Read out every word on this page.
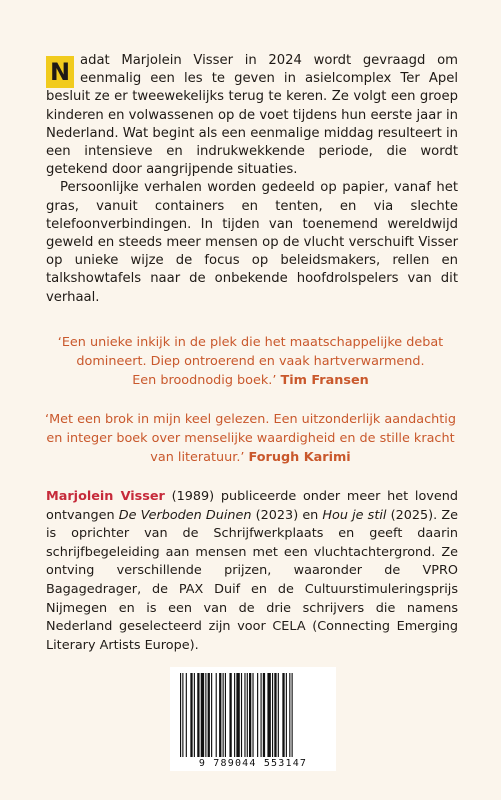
N adat Marjolein Visser in 2024 wordt gevraagd om eenmalig een les te geven in asielcomplex Ter Apel besluit ze er tweewekelijks terug te keren. Ze volgt een groep kinderen en volwassenen op de voet tijdens hun eerste jaar in Nederland. Wat begint als een eenmalige middag resulteert in een intensieve en indrukwekkende periode, die wordt getekend door aangrijpende situaties.

Persoonlijke verhalen worden gedeeld op papier, vanaf het gras, vanuit containers en tenten, en via slechte telefoonverbindingen. In tijden van toenemend wereldwijd geweld en steeds meer mensen op de vlucht verschuift Visser op unieke wijze de focus op beleidsmakers, rellen en talkshowtafels naar de onbekende hoofdrolspelers van dit verhaal.

‘Een unieke inkijk in de plek die het maatschappelijke debat
domineert. Diep ontroerend en vaak hartverwarmend.
Een broodnodig boek.’ Tim Fransen
‘Met een brok in mijn keel gelezen. Een uitzonderlijk aandachtig
en integer boek over menselijke waardigheid en de stille kracht
van literatuur.’ Forugh Karimi

Marjolein Visser (1989) publiceerde onder meer het lovend ontvangen De Verboden Duinen (2023) en Hou je stil (2025). Ze is oprichter van de Schrijfwerkplaats en geeft daarin schrijfbegeleiding aan mensen met een vluchtachtergrond. Ze ontving verschillende prijzen, waaronder de VPRO Bagagedrager, de PAX Duif en de Cultuurstimuleringsprijs Nijmegen en is een van de drie schrijvers die namens Nederland geselecteerd zijn voor CELA (Connecting Emerging Literary Artists Europe).

9 789044 553147
